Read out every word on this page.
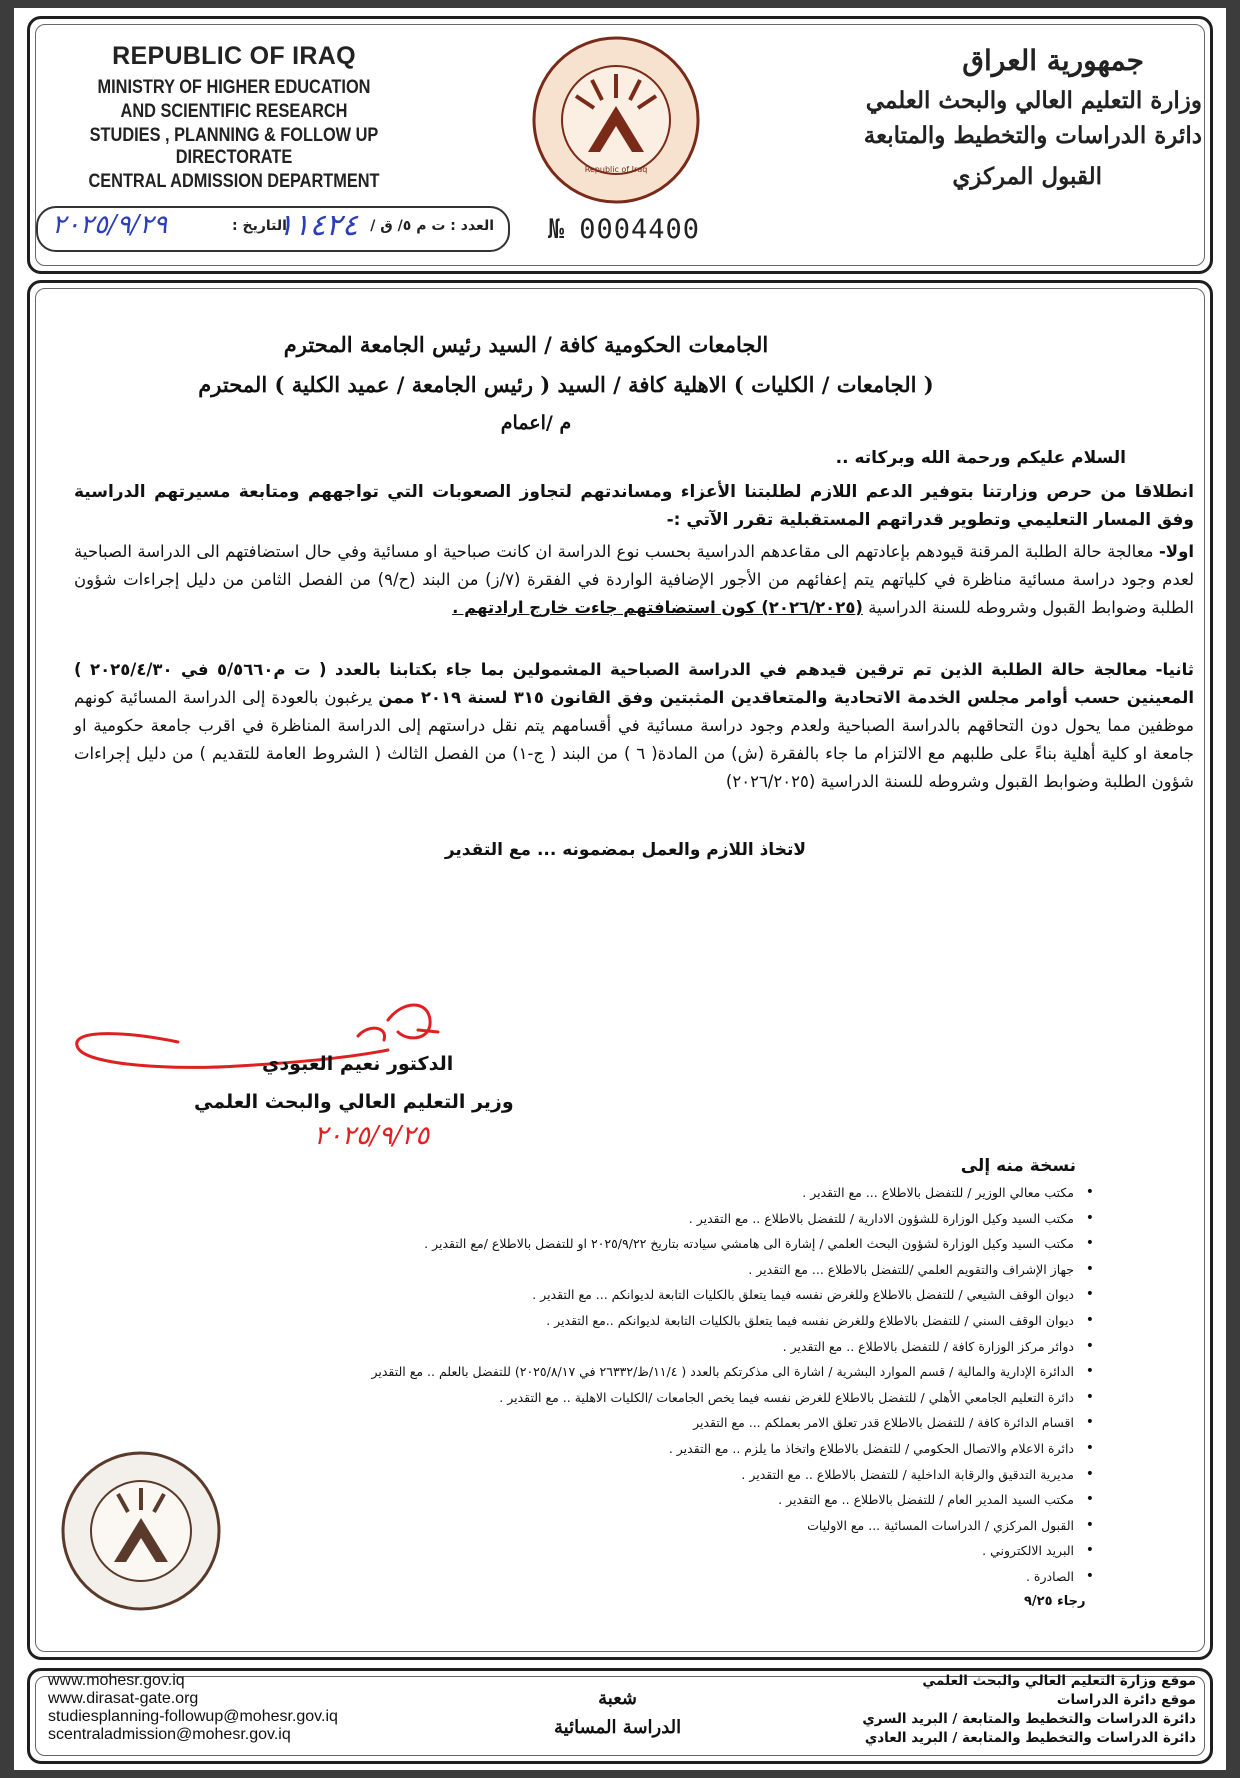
REPUBLIC OF IRAQ
MINISTRY OF HIGHER EDUCATION
AND SCIENTIFIC RESEARCH
STUDIES , PLANNING & FOLLOW UP DIRECTORATE
CENTRAL ADMISSION DEPARTMENT
جمهورية العراق
وزارة التعليم العالي والبحث العلمي
دائرة الدراسات والتخطيط والمتابعة
القبول المركزي
Republic of Iraq
العدد : ت م ٥/ ق /
١١٤٢٤
التاريخ :
٢٠٢٥/٩/٢٩	№ 0004400
الجامعات الحكومية كافة / السيد رئيس الجامعة المحترم
( الجامعات / الكليات ) الاهلية كافة / السيد ( رئيس الجامعة / عميد الكلية ) المحترم
م /اعمام
السلام عليكم ورحمة الله وبركاته ..
انطلاقا من حرص وزارتنا بتوفير الدعم اللازم لطلبتنا الأعزاء ومساندتهم لتجاوز الصعوبات التي تواجههم ومتابعة مسيرتهم الدراسية وفق المسار التعليمي وتطوير قدراتهم المستقبلية تقرر الآتي :-
اولا- معالجة حالة الطلبة المرقنة قيودهم بإعادتهم الى مقاعدهم الدراسية بحسب نوع الدراسة ان كانت صباحية او مسائية وفي حال استضافتهم الى الدراسة الصباحية لعدم وجود دراسة مسائية مناظرة في كلياتهم يتم إعفائهم من الأجور الإضافية الواردة في الفقرة (٧/ز) من البند (ح/٩) من الفصل الثامن من دليل إجراءات شؤون الطلبة وضوابط القبول وشروطه للسنة الدراسية (٢٠٢٦/٢٠٢٥) كون استضافتهم جاءت خارج ارادتهم .
ثانيا- معالجة حالة الطلبة الذين تم ترقين قيدهم في الدراسة الصباحية المشمولين بما جاء بكتابنا بالعدد ( ت م٥/٥٦٦٠ في ٢٠٢٥/٤/٣٠ ) المعينين حسب أوامر مجلس الخدمة الاتحادية والمتعاقدين المثبتين وفق القانون ٣١٥ لسنة ٢٠١٩ ممن يرغبون بالعودة إلى الدراسة المسائية كونهم موظفين مما يحول دون التحاقهم بالدراسة الصباحية ولعدم وجود دراسة مسائية في أقسامهم يتم نقل دراستهم إلى الدراسة المناظرة في اقرب جامعة حكومية او جامعة او كلية أهلية بناءً على طلبهم مع الالتزام ما جاء بالفقرة (ش) من المادة( ٦ ) من البند ( ج-١) من الفصل الثالث ( الشروط العامة للتقديم ) من دليل إجراءات شؤون الطلبة وضوابط القبول وشروطه للسنة الدراسية (٢٠٢٦/٢٠٢٥)
لاتخاذ اللازم والعمل بمضمونه ... مع التقدير
الدكتور نعيم العبودي
وزير التعليم العالي والبحث العلمي
٢٠٢٥/٩/٢٥
نسخة منه إلى
• مكتب معالي الوزير / للتفضل بالاطلاع ... مع التقدير .
• مكتب السيد وكيل الوزارة للشؤون الادارية / للتفضل بالاطلاع .. مع التقدير .
• مكتب السيد وكيل الوزارة لشؤون البحث العلمي / إشارة الى هامشي سيادته بتاريخ ٢٠٢٥/٩/٢٢ او للتفضل بالاطلاع /مع التقدير .
• جهاز الإشراف والتقويم العلمي /للتفضل بالاطلاع ... مع التقدير .
• ديوان الوقف الشيعي / للتفضل بالاطلاع وللغرض نفسه فيما يتعلق بالكليات التابعة لديوانكم ... مع التقدير .
• ديوان الوقف السني / للتفضل بالاطلاع وللغرض نفسه فيما يتعلق بالكليات التابعة لديوانكم ..مع التقدير .
• دوائر مركز الوزارة كافة / للتفضل بالاطلاع .. مع التقدير .
• الدائرة الإدارية والمالية / قسم الموارد البشرية / اشارة الى مذكرتكم بالعدد ( ١١/٤/ظ/٢٦٣٣٢ في ٢٠٢٥/٨/١٧) للتفضل بالعلم .. مع التقدير
• دائرة التعليم الجامعي الأهلي / للتفضل بالاطلاع للغرض نفسه فيما يخص الجامعات /الكليات الاهلية .. مع التقدير .
• اقسام الدائرة كافة / للتفضل بالاطلاع قدر تعلق الامر بعملكم ... مع التقدير
• دائرة الاعلام والاتصال الحكومي / للتفضل بالاطلاع واتخاذ ما يلزم .. مع التقدير .
• مديرية التدقيق والرقابة الداخلية / للتفضل بالاطلاع .. مع التقدير .
• مكتب السيد المدير العام / للتفضل بالاطلاع .. مع التقدير .
• القبول المركزي / الدراسات المسائية ... مع الاوليات
• البريد الالكتروني .
• الصادرة .
رجاء ٩/٢٥
www.mohesr.gov.iq
www.dirasat-gate.org
studiesplanning-followup@mohesr.gov.iq
scentraladmission@mohesr.gov.iq
شعبة
الدراسة المسائية
موقع وزارة التعليم العالي والبحث العلمي
موقع دائرة الدراسات
دائرة الدراسات والتخطيط والمتابعة / البريد السري
دائرة الدراسات والتخطيط والمتابعة / البريد العادي
